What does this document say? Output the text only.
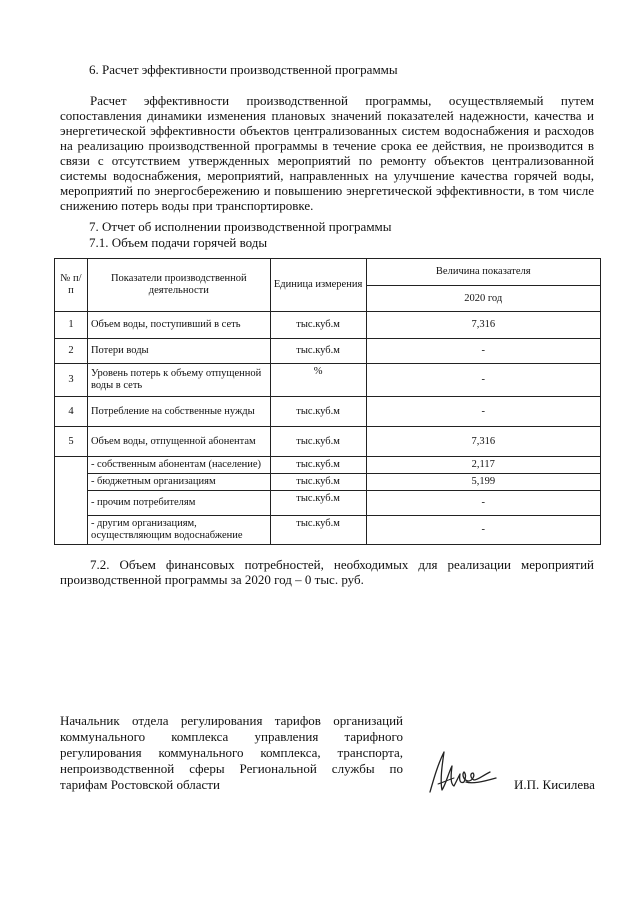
6. Расчет эффективности производственной программы
Расчет эффективности производственной программы, осуществляемый путем
сопоставления динамики изменения плановых значений показателей надежности, качества и
энергетической эффективности объектов централизованных систем водоснабжения и расходов
на реализацию производственной программы в течение срока ее действия, не производится в
связи с отсутствием утвержденных мероприятий по ремонту объектов централизованной
системы водоснабжения, мероприятий, направленных на улучшение качества горячей воды,
мероприятий по энергосбережению и повышению энергетической эффективности, в том числе
снижению потерь воды при транспортировке.
7. Отчет об исполнении производственной программы
7.1. Объем подачи горячей воды
№ п/п	Показатели производственной деятельности	Единица измерения	Величина показателя
			2020 год
1	Объем воды, поступивший в сеть	тыс.куб.м	7,316
2	Потери воды	тыс.куб.м	-
3	Уровень потерь к объему отпущенной воды в сеть	%	-
4	Потребление на собственные нужды	тыс.куб.м	-
5	Объем воды, отпущенной абонентам	тыс.куб.м	7,316
	- собственным абонентам (население)	тыс.куб.м	2,117
	- бюджетным организациям	тыс.куб.м	5,199
	- прочим потребителям	тыс.куб.м	-
	- другим организациям, осуществляющим водоснабжение	тыс.куб.м	-
7.2. Объем финансовых потребностей, необходимых для реализации мероприятий
производственной программы за 2020 год – 0 тыс. руб.
Начальник отдела регулирования тарифов организаций
коммунального комплекса управления тарифного
регулирования коммунального комплекса, транспорта,
непроизводственной сферы Региональной службы по
тарифам Ростовской области	И.П. Кисилева
